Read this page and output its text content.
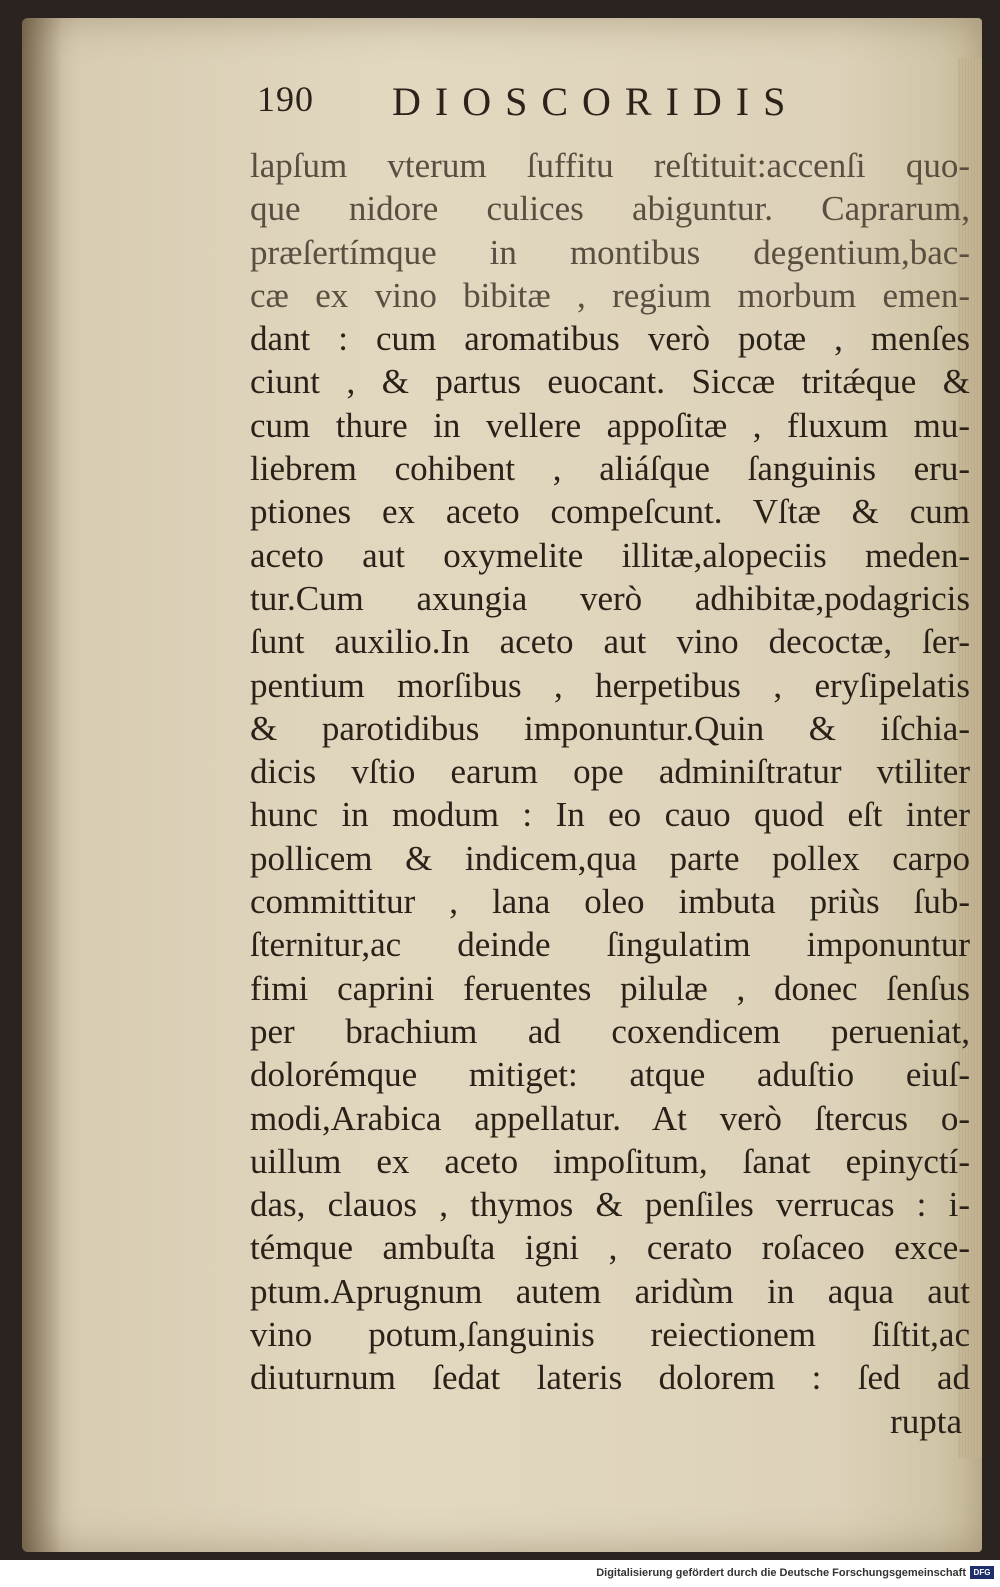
190 DIOSCORIDIS
lapſum vterum ſuffitu reſtituit:accenſi quo-
que nidore culices abiguntur. Caprarum,
præſertímque in montibus degentium,bac-
cæ ex vino bibitæ , regium morbum emen-
dant : cum aromatibus verò potæ , menſes
ciunt , & partus euocant. Siccæ tritǽque &
cum thure in vellere appoſitæ , fluxum mu-
liebrem cohibent , aliáſque ſanguinis eru-
ptiones ex aceto compeſcunt. Vſtæ & cum
aceto aut oxymelite illitæ,alopeciis meden-
tur.Cum axungia verò adhibitæ,podagricis
ſunt auxilio.In aceto aut vino decoctæ, ſer-
pentium morſibus , herpetibus , eryſipelatis
& parotidibus imponuntur.Quin & iſchia-
dicis vſtio earum ope adminiſtratur vtiliter
hunc in modum : In eo cauo quod eſt inter
pollicem & indicem,qua parte pollex carpo
committitur , lana oleo imbuta priùs ſub-
ſternitur,ac deinde ſingulatim imponuntur
fimi caprini feruentes pilulæ , donec ſenſus
per brachium ad coxendicem perueniat,
dolorémque mitiget: atque aduſtio eiuſ-
modi,Arabica appellatur. At verò ſtercus o-
uillum ex aceto impoſitum, ſanat epinyctí-
das, clauos , thymos & penſiles verrucas : i-
témque ambuſta igni , cerato roſaceo exce-
ptum.Aprugnum autem aridùm in aqua aut
vino potum,ſanguinis reiectionem ſiſtit,ac
diuturnum ſedat lateris dolorem : ſed ad
rupta
Digitalisierung gefördert durch die Deutsche Forschungsgemeinschaft DFG
